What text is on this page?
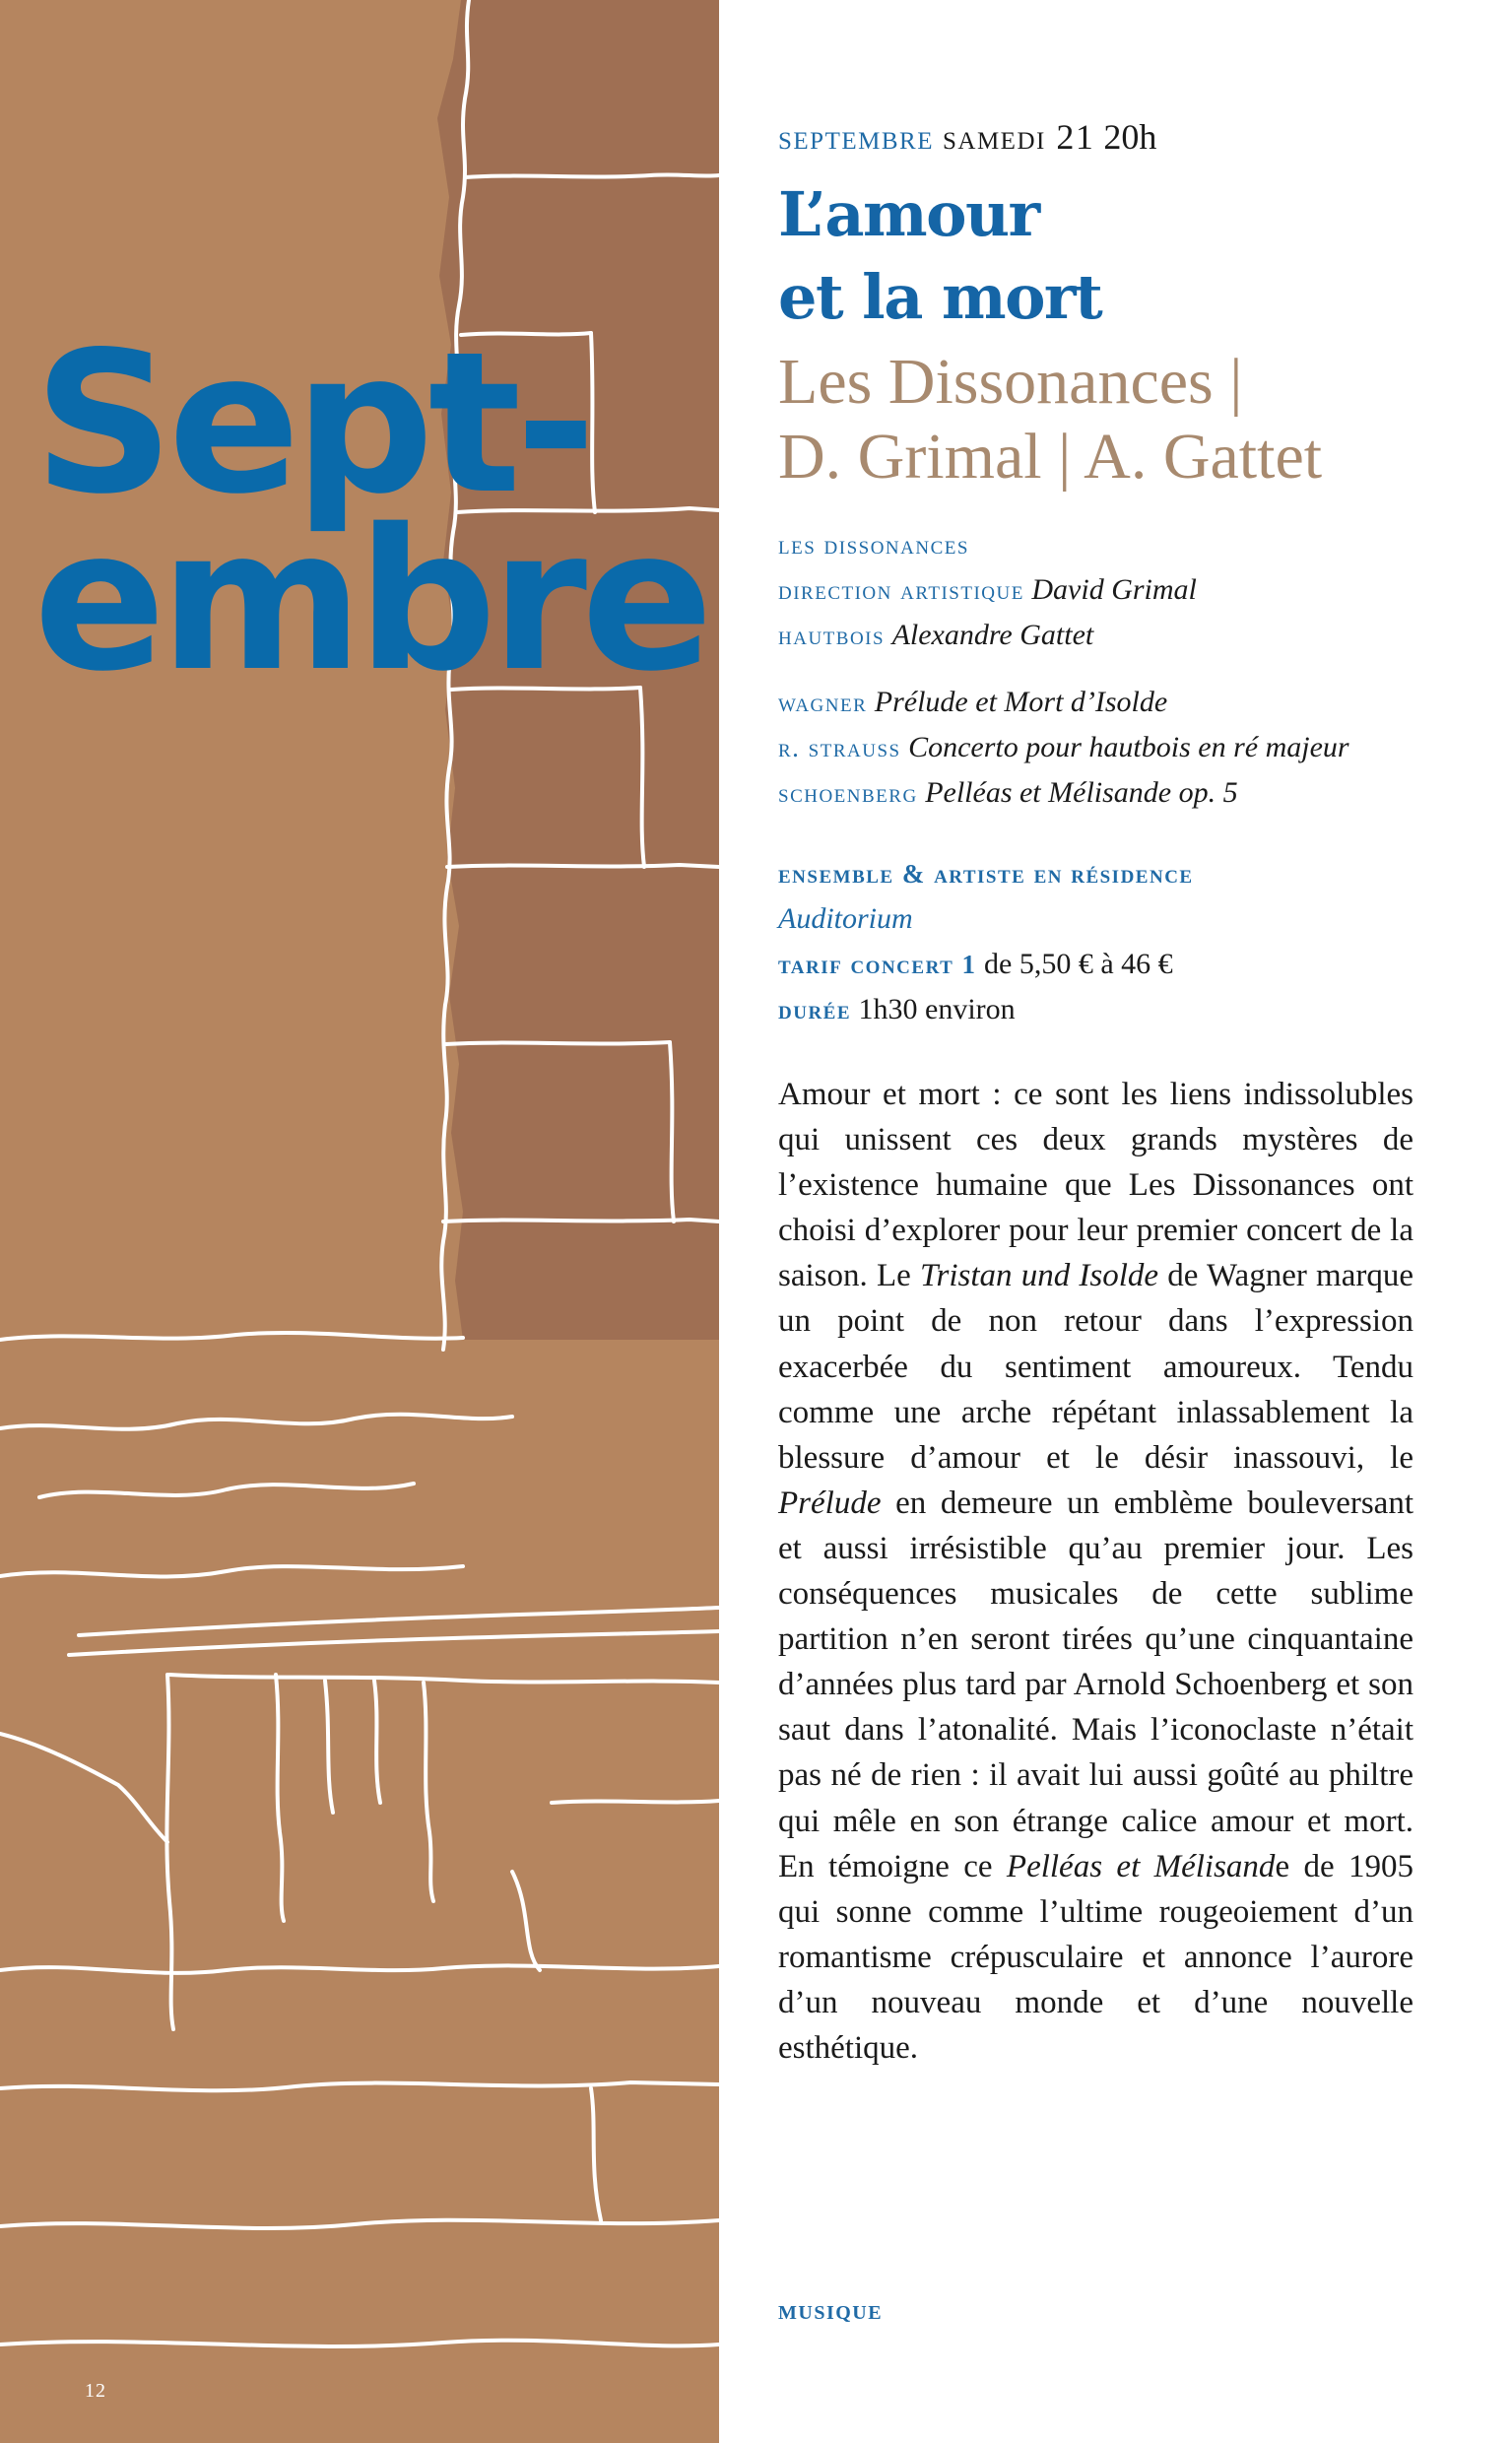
Sept-
embre
12
septembre samedi 21 20h
L’amour
et la mort
Les Dissonances |
D. Grimal | A. Gattet
les dissonances
direction artistique David Grimal
hautbois Alexandre Gattet
wagner Prélude et Mort d’Isolde
r. strauss Concerto pour hautbois en ré majeur
schoenberg Pelléas et Mélisande op. 5
ensemble & artiste en résidence
Auditorium
tarif concert 1 de 5,50 € à 46 €
durée 1h30 environ

Amour et mort : ce sont les liens indissolubles qui unissent ces deux grands mystères de l’existence humaine que Les Dissonances ont choisi d’explorer pour leur premier concert de la saison. Le Tristan und Isolde de Wagner marque un point de non retour dans l’expression exacerbée du sentiment amoureux. Tendu comme une arche répétant inlassablement la blessure d’amour et le désir inassouvi, le Prélude en demeure un emblème bouleversant et aussi irrésistible qu’au premier jour. Les conséquences musicales de cette sublime partition n’en seront tirées qu’une cinquantaine d’années plus tard par Arnold Schoenberg et son saut dans l’atonalité. Mais l’iconoclaste n’était pas né de rien : il avait lui aussi goûté au philtre qui mêle en son étrange calice amour et mort. En témoigne ce Pelléas et Mélisande de 1905 qui sonne comme l’ultime rougeoiement d’un romantisme crépusculaire et annonce l’aurore d’un nouveau monde et d’une nouvelle esthétique.

musique
